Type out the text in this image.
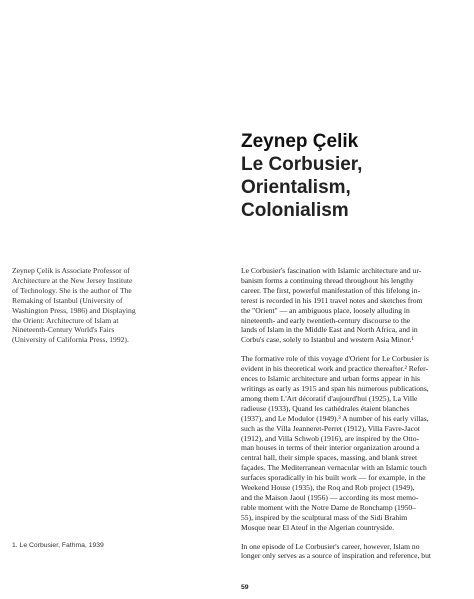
Zeynep Çelik
Le Corbusier, Orientalism,
Colonialism
Zeynep Çelik is Associate Professor of
Architecture at the New Jersey Institute
of Technology. She is the author of The
Remaking of Istanbul (University of
Washington Press, 1986) and Displaying
the Orient: Architecture of Islam at
Nineteenth-Century World's Fairs
(University of California Press, 1992).

Le Corbusier's fascination with Islamic architecture and ur-
banism forms a continuing thread throughout his lengthy
career. The first, powerful manifestation of this lifelong in-
terest is recorded in his 1911 travel notes and sketches from
the "Orient" — an ambiguous place, loosely alluding in
nineteenth- and early twentieth-century discourse to the
lands of Islam in the Middle East and North Africa, and in
Corbu's case, solely to Istanbul and western Asia Minor.¹

The formative role of this voyage d'Orient for Le Corbusier is
evident in his theoretical work and practice thereafter.² Refer-
ences to Islamic architecture and urban forms appear in his
writings as early as 1915 and span his numerous publications,
among them L'Art décoratif d'aujourd'hui (1925), La Ville
radieuse (1933), Quand les cathédrales étaient blanches
(1937), and Le Modulor (1949).³ A number of his early villas,
such as the Villa Jeanneret-Perret (1912), Villa Favre-Jacot
(1912), and Villa Schwob (1916), are inspired by the Otto-
man houses in terms of their interior organization around a
central hall, their simple spaces, massing, and blank street
façades. The Mediterranean vernacular with an Islamic touch
surfaces sporadically in his built work — for example, in the
Weekend House (1935), the Roq and Rob project (1949),
and the Maison Jaoul (1956) — according its most memo-
rable moment with the Notre Dame de Ronchamp (1950–
55), inspired by the sculptural mass of the Sidi Brahim
Mosque near El Ateuf in the Algerian countryside.

In one episode of Le Corbusier's career, however, Islam no
longer only serves as a source of inspiration and reference, but

1. Le Corbusier, Fathma, 1939
59
